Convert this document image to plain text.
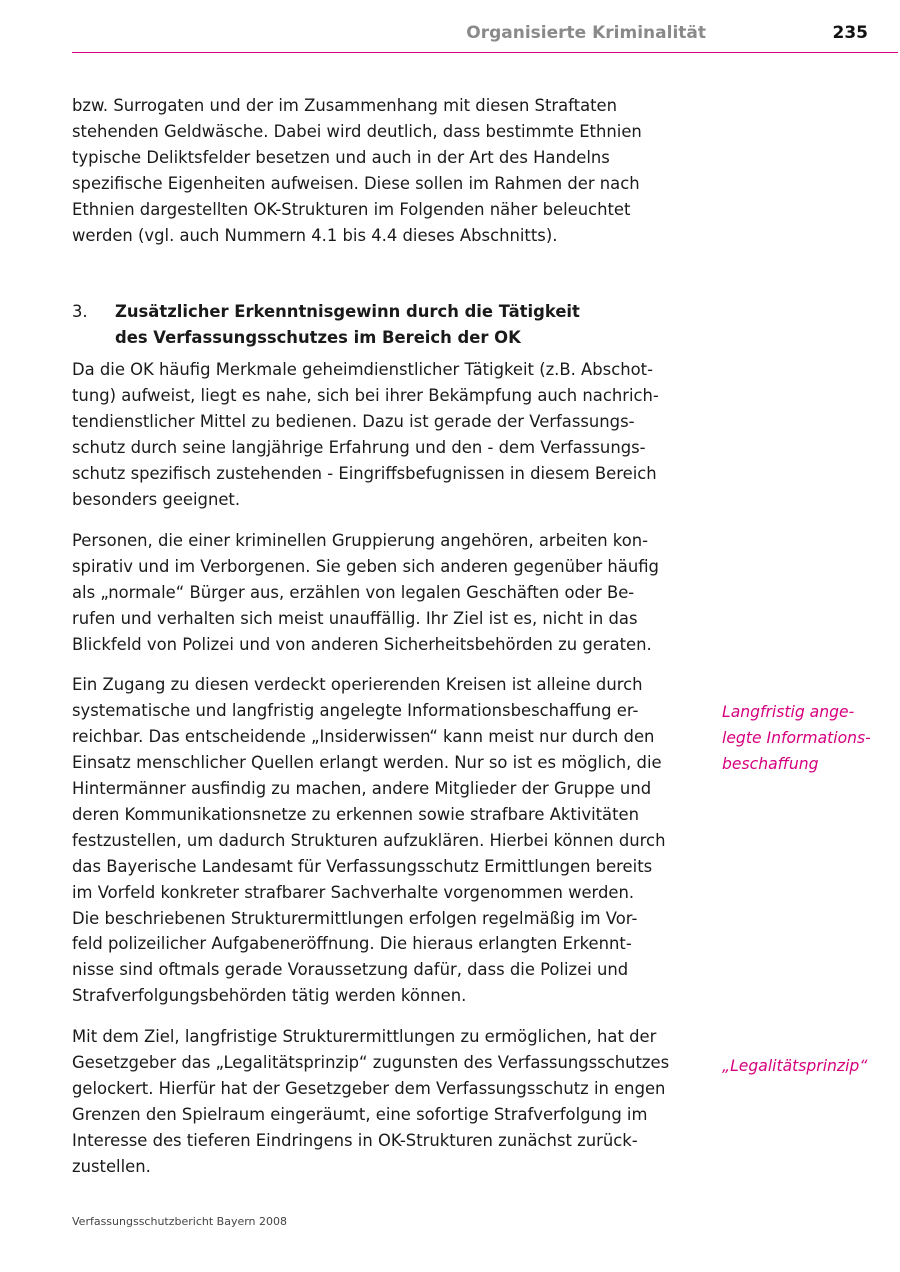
Organisierte Kriminalität	235

bzw. Surrogaten und der im Zusammenhang mit diesen Straftaten
stehenden Geldwäsche. Dabei wird deutlich, dass bestimmte Ethnien
typische Deliktsfelder besetzen und auch in der Art des Handelns
spezifische Eigenheiten aufweisen. Diese sollen im Rahmen der nach
Ethnien dargestellten OK-Strukturen im Folgenden näher beleuchtet
werden (vgl. auch Nummern 4.1 bis 4.4 dieses Abschnitts).

3.	Zusätzlicher Erkenntnisgewinn durch die Tätigkeit
des Verfassungsschutzes im Bereich der OK

Da die OK häufig Merkmale geheimdienstlicher Tätigkeit (z.B. Abschot-
tung) aufweist, liegt es nahe, sich bei ihrer Bekämpfung auch nachrich-
tendienstlicher Mittel zu bedienen. Dazu ist gerade der Verfassungs-
schutz durch seine langjährige Erfahrung und den - dem Verfassungs-
schutz spezifisch zustehenden - Eingriffsbefugnissen in diesem Bereich
besonders geeignet.

Personen, die einer kriminellen Gruppierung angehören, arbeiten kon-
spirativ und im Verborgenen. Sie geben sich anderen gegenüber häufig
als „normale“ Bürger aus, erzählen von legalen Geschäften oder Be-
rufen und verhalten sich meist unauffällig. Ihr Ziel ist es, nicht in das
Blickfeld von Polizei und von anderen Sicherheitsbehörden zu geraten.

Ein Zugang zu diesen verdeckt operierenden Kreisen ist alleine durch
systematische und langfristig angelegte Informationsbeschaffung er-
reichbar. Das entscheidende „Insiderwissen“ kann meist nur durch den
Einsatz menschlicher Quellen erlangt werden. Nur so ist es möglich, die
Hintermänner ausfindig zu machen, andere Mitglieder der Gruppe und
deren Kommunikationsnetze zu erkennen sowie strafbare Aktivitäten
festzustellen, um dadurch Strukturen aufzuklären. Hierbei können durch
das Bayerische Landesamt für Verfassungsschutz Ermittlungen bereits
im Vorfeld konkreter strafbarer Sachverhalte vorgenommen werden.
Die beschriebenen Strukturermittlungen erfolgen regelmäßig im Vor-
feld polizeilicher Aufgabeneröffnung. Die hieraus erlangten Erkennt-
nisse sind oftmals gerade Voraussetzung dafür, dass die Polizei und
Strafverfolgungsbehörden tätig werden können.

Mit dem Ziel, langfristige Strukturermittlungen zu ermöglichen, hat der
Gesetzgeber das „Legalitätsprinzip“ zugunsten des Verfassungsschutzes
gelockert. Hierfür hat der Gesetzgeber dem Verfassungsschutz in engen
Grenzen den Spielraum eingeräumt, eine sofortige Strafverfolgung im
Interesse des tieferen Eindringens in OK-Strukturen zunächst zurück-
zustellen.

Langfristig ange-
legte Informations-
beschaffung
„Legalitätsprinzip“
Verfassungsschutzbericht Bayern 2008
